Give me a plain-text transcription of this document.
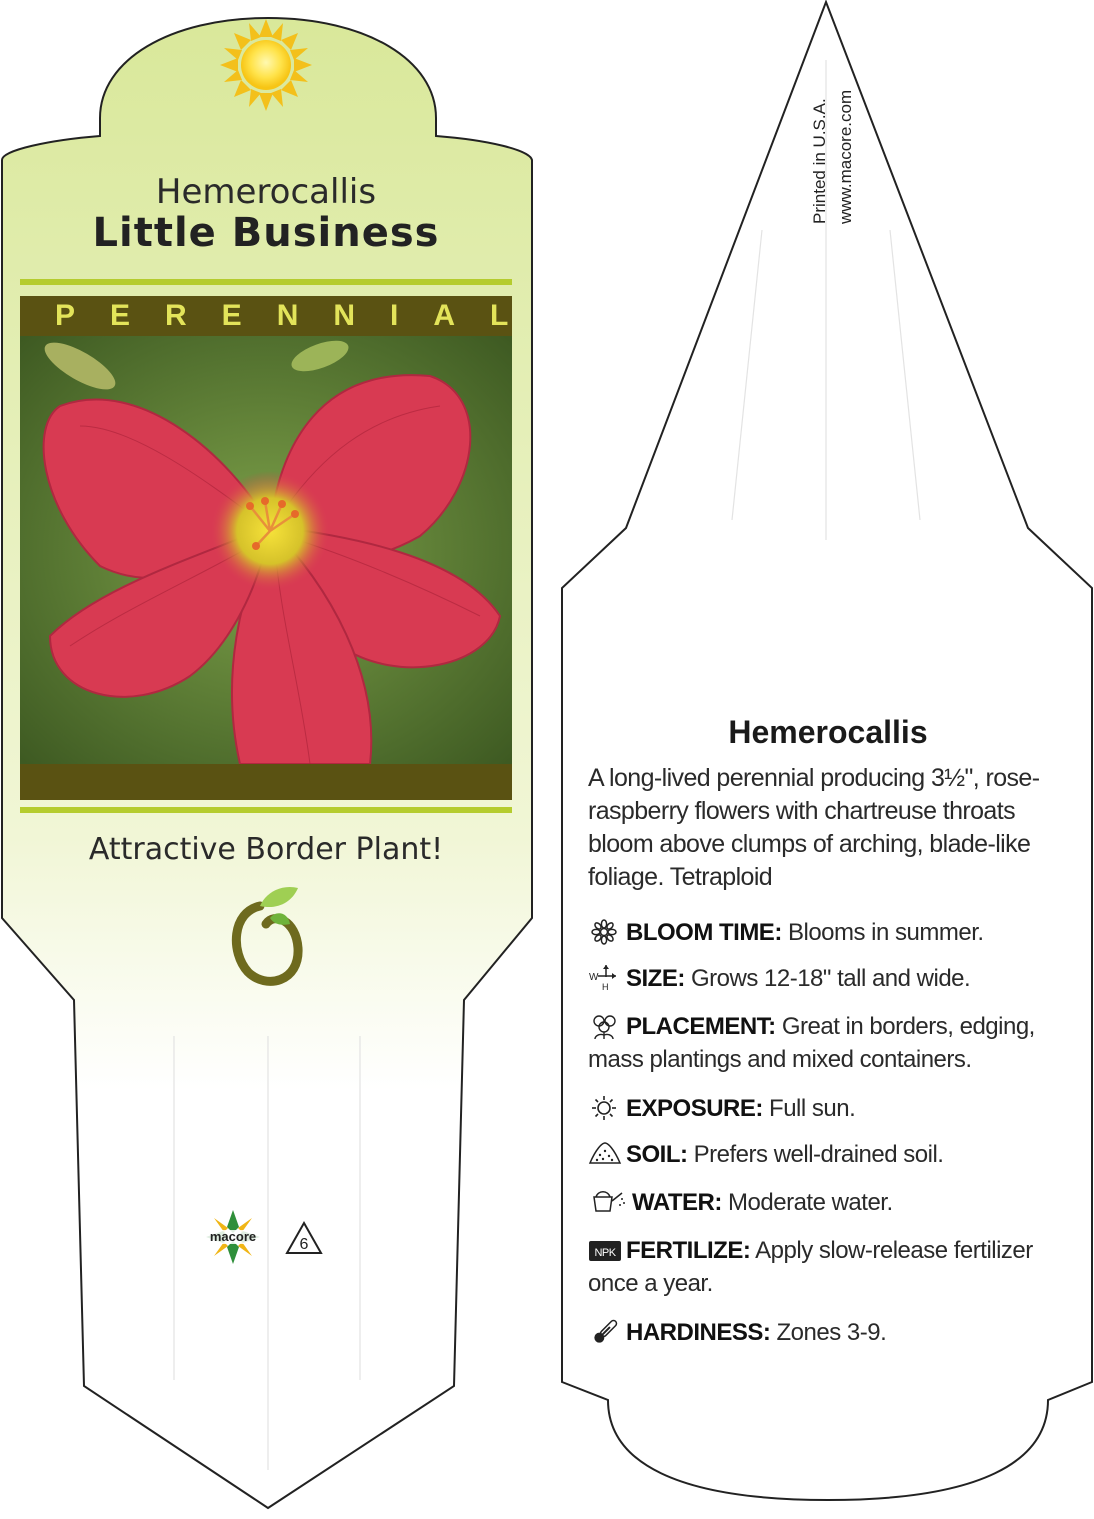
Hemerocallis
Little Business
PERENNIAL
Attractive Border Plant!
macore	6
Printed in U.S.A. www.macore.com
Hemerocallis
A long-lived perennial producing 3½", rose-raspberry flowers with chartreuse throats bloom above clumps of arching, blade-like foliage. Tetraploid
BLOOM TIME: Blooms in summer.
W
H SIZE: Grows 12-18" tall and wide.
PLACEMENT: Great in borders, edging, mass plantings and mixed containers.
EXPOSURE: Full sun.
SOIL: Prefers well-drained soil.
WATER: Moderate water.
NPK FERTILIZE: Apply slow-release fertilizer once a year.
HARDINESS: Zones 3-9.
